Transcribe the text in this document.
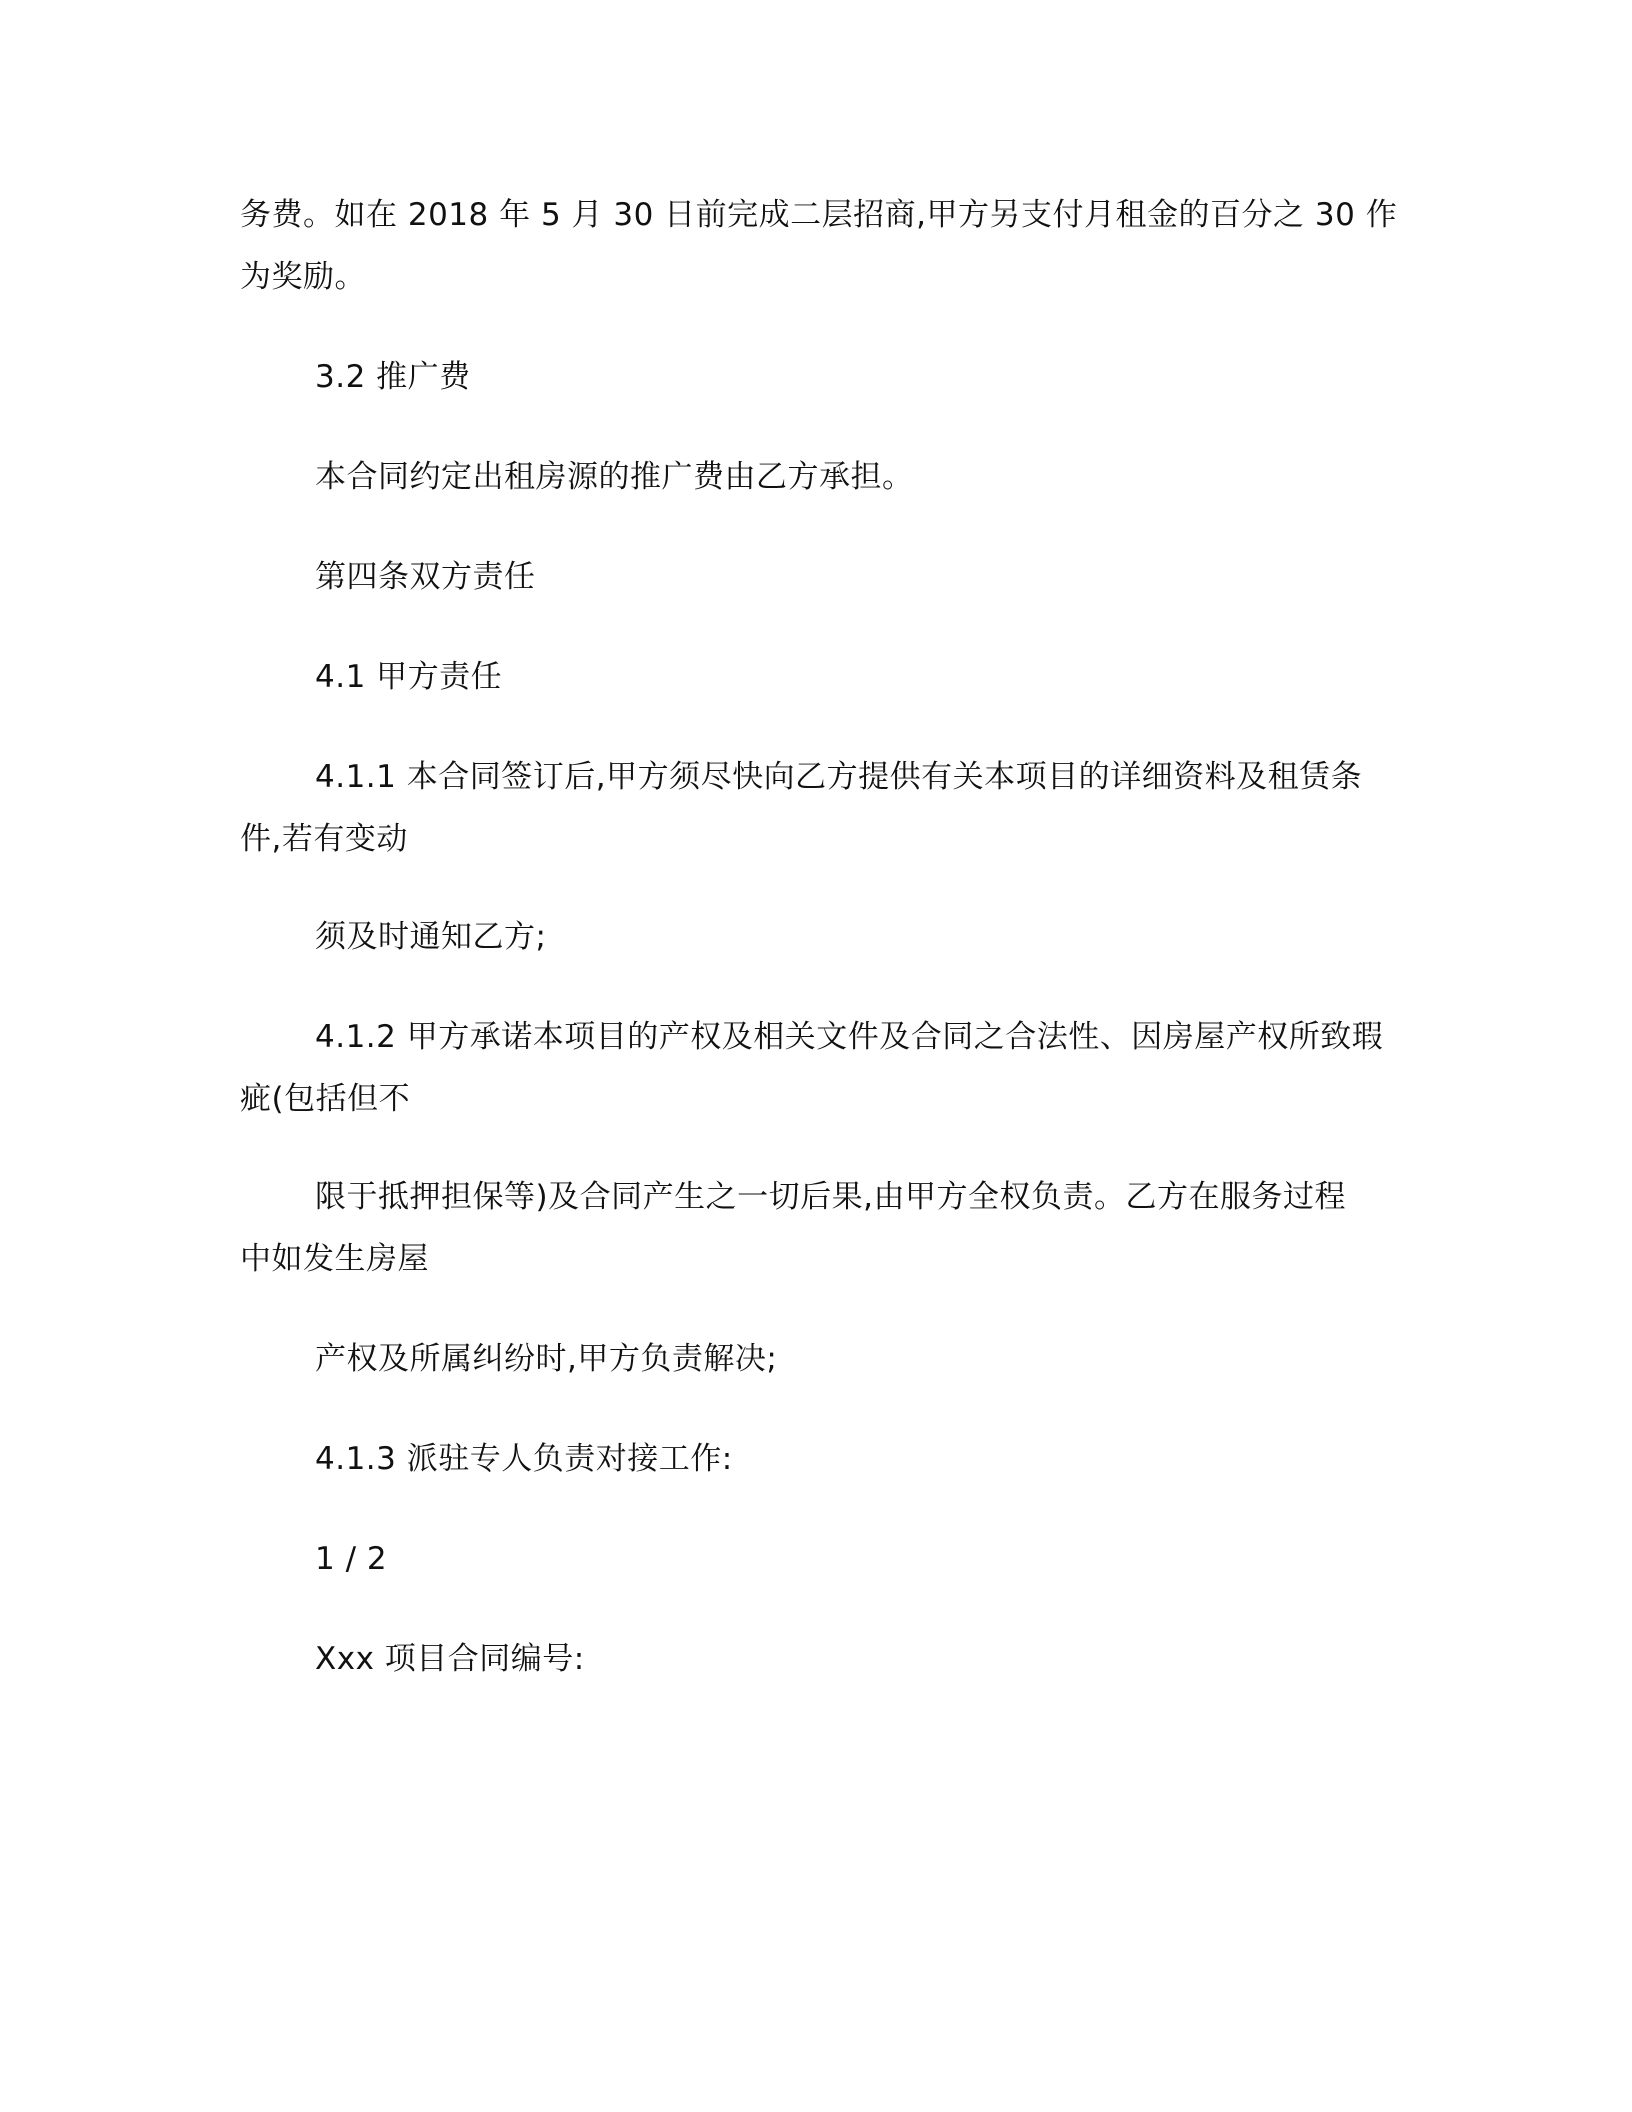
务费。如在 2018 年 5 月 30 日前完成二层招商,甲方另支付月租金的百分之 30 作
为奖励。
3.2 推广费
本合同约定出租房源的推广费由乙方承担。
第四条双方责任
4.1 甲方责任
4.1.1 本合同签订后,甲方须尽快向乙方提供有关本项目的详细资料及租赁条
件,若有变动
须及时通知乙方;
4.1.2 甲方承诺本项目的产权及相关文件及合同之合法性、因房屋产权所致瑕
疵(包括但不
限于抵押担保等)及合同产生之一切后果,由甲方全权负责。乙方在服务过程
中如发生房屋
产权及所属纠纷时,甲方负责解决;
4.1.3 派驻专人负责对接工作:
1 / 2
Xxx 项目合同编号:
